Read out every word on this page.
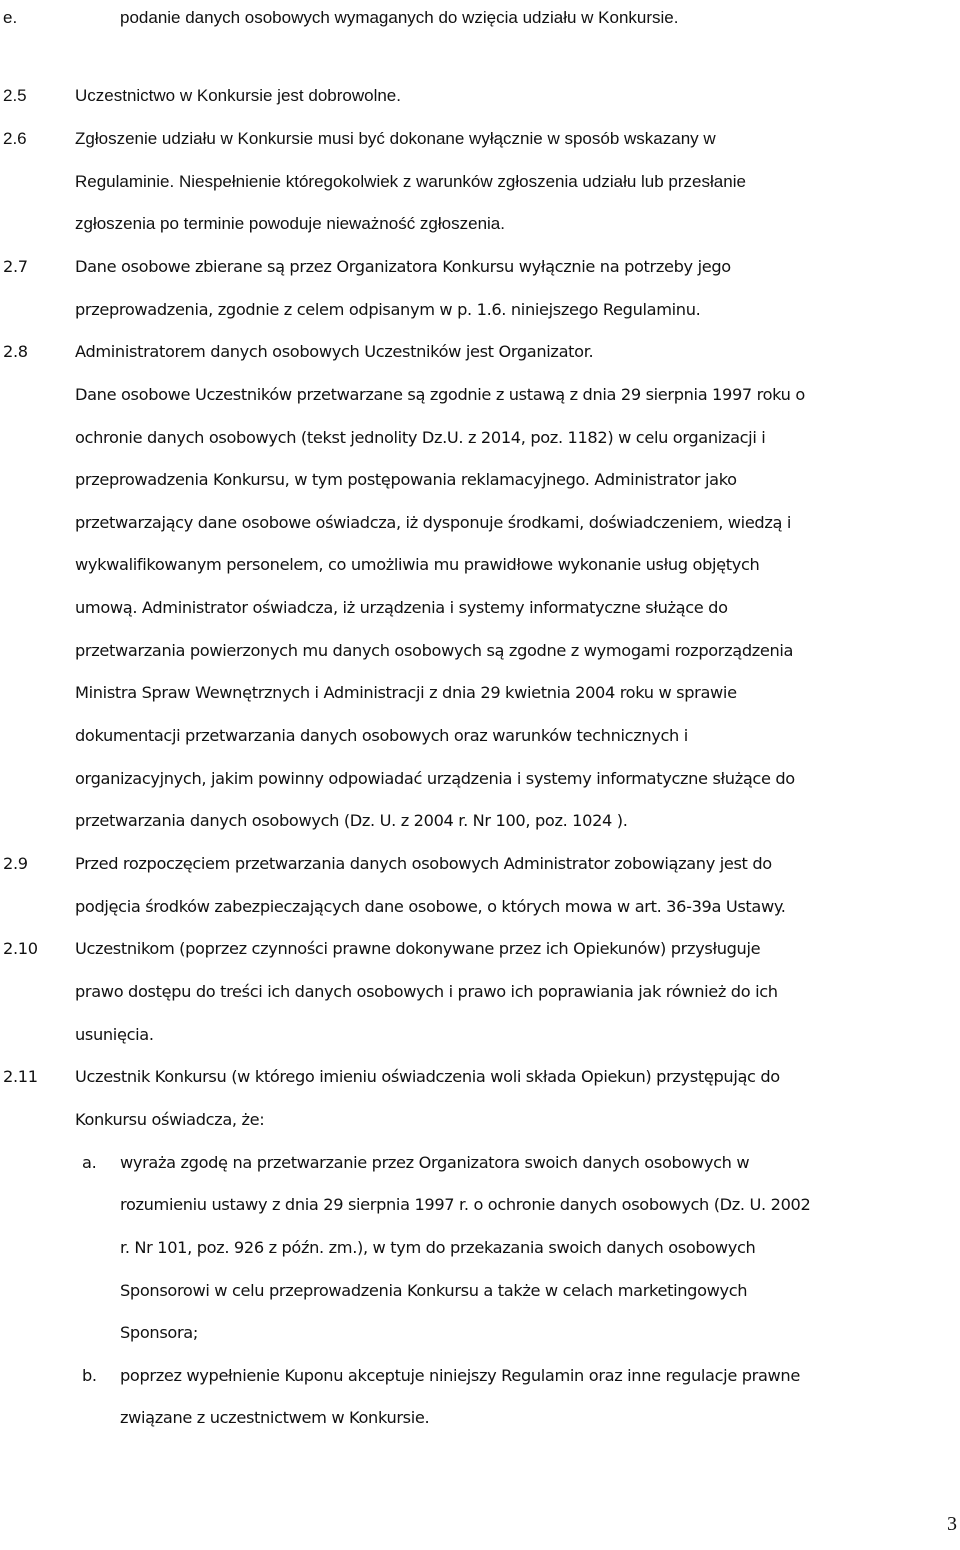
e.	podanie danych osobowych wymaganych do wzięcia udziału w Konkursie.
2.5	Uczestnictwo w Konkursie jest dobrowolne.
2.6	Zgłoszenie udziału w Konkursie musi być dokonane wyłącznie w sposób wskazany w
Regulaminie. Niespełnienie któregokolwiek z warunków zgłoszenia udziału lub przesłanie
zgłoszenia po terminie powoduje nieważność zgłoszenia.
2.7	Dane osobowe zbierane są przez Organizatora Konkursu wyłącznie na potrzeby jego
przeprowadzenia, zgodnie z celem odpisanym w p. 1.6. niniejszego Regulaminu.
2.8	Administratorem danych osobowych Uczestników jest Organizator.
Dane osobowe Uczestników przetwarzane są zgodnie z ustawą z dnia 29 sierpnia 1997 roku o
ochronie danych osobowych (tekst jednolity Dz.U. z 2014, poz. 1182) w celu organizacji i
przeprowadzenia Konkursu, w tym postępowania reklamacyjnego. Administrator jako
przetwarzający dane osobowe oświadcza, iż dysponuje środkami, doświadczeniem, wiedzą i
wykwalifikowanym personelem, co umożliwia mu prawidłowe wykonanie usług objętych
umową. Administrator oświadcza, iż urządzenia i systemy informatyczne służące do
przetwarzania powierzonych mu danych osobowych są zgodne z wymogami rozporządzenia
Ministra Spraw Wewnętrznych i Administracji z dnia 29 kwietnia 2004 roku w sprawie
dokumentacji przetwarzania danych osobowych oraz warunków technicznych i
organizacyjnych, jakim powinny odpowiadać urządzenia i systemy informatyczne służące do
przetwarzania danych osobowych (Dz. U. z 2004 r. Nr 100, poz. 1024 ).
2.9	Przed rozpoczęciem przetwarzania danych osobowych Administrator zobowiązany jest do
podjęcia środków zabezpieczających dane osobowe, o których mowa w art. 36-39a Ustawy.
2.10 Uczestnikom (poprzez czynności prawne dokonywane przez ich Opiekunów) przysługuje
prawo dostępu do treści ich danych osobowych i prawo ich poprawiania jak również do ich
usunięcia.
2.11 Uczestnik Konkursu (w którego imieniu oświadczenia woli składa Opiekun) przystępując do
Konkursu oświadcza, że:
a. wyraża zgodę na przetwarzanie przez Organizatora swoich danych osobowych w
rozumieniu ustawy z dnia 29 sierpnia 1997 r. o ochronie danych osobowych (Dz. U. 2002
r. Nr 101, poz. 926 z późn. zm.), w tym do przekazania swoich danych osobowych
Sponsorowi w celu przeprowadzenia Konkursu a także w celach marketingowych
Sponsora;
b. poprzez wypełnienie Kuponu akceptuje niniejszy Regulamin oraz inne regulacje prawne
związane z uczestnictwem w Konkursie.
3
